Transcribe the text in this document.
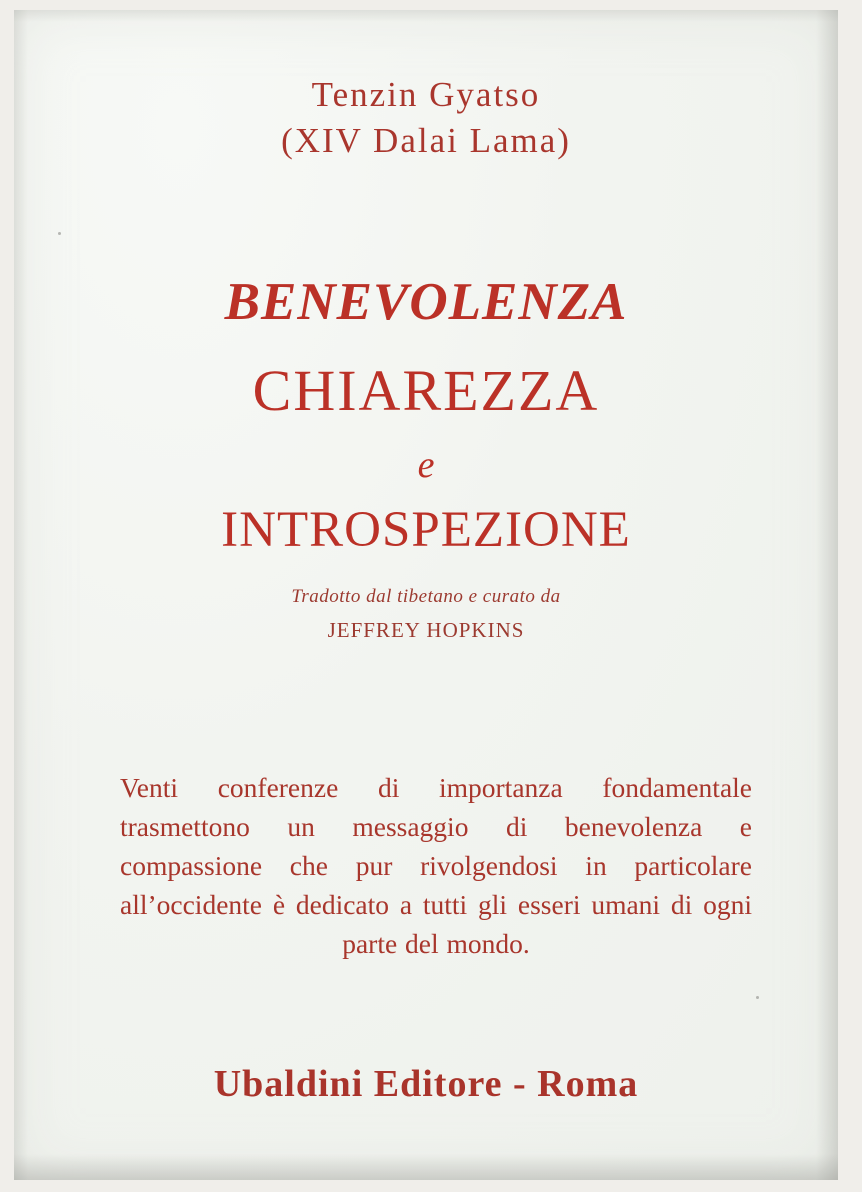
Tenzin Gyatso
(XIV Dalai Lama)
BENEVOLENZA
CHIAREZZA
e
INTROSPEZIONE
Tradotto dal tibetano e curato da
JEFFREY HOPKINS
Venti conferenze di importanza fondamentale trasmettono un messaggio di benevolenza e compassione che pur rivolgendosi in particolare all’occidente è dedicato a tutti gli esseri umani di ogni parte del mondo.
Ubaldini Editore - Roma
